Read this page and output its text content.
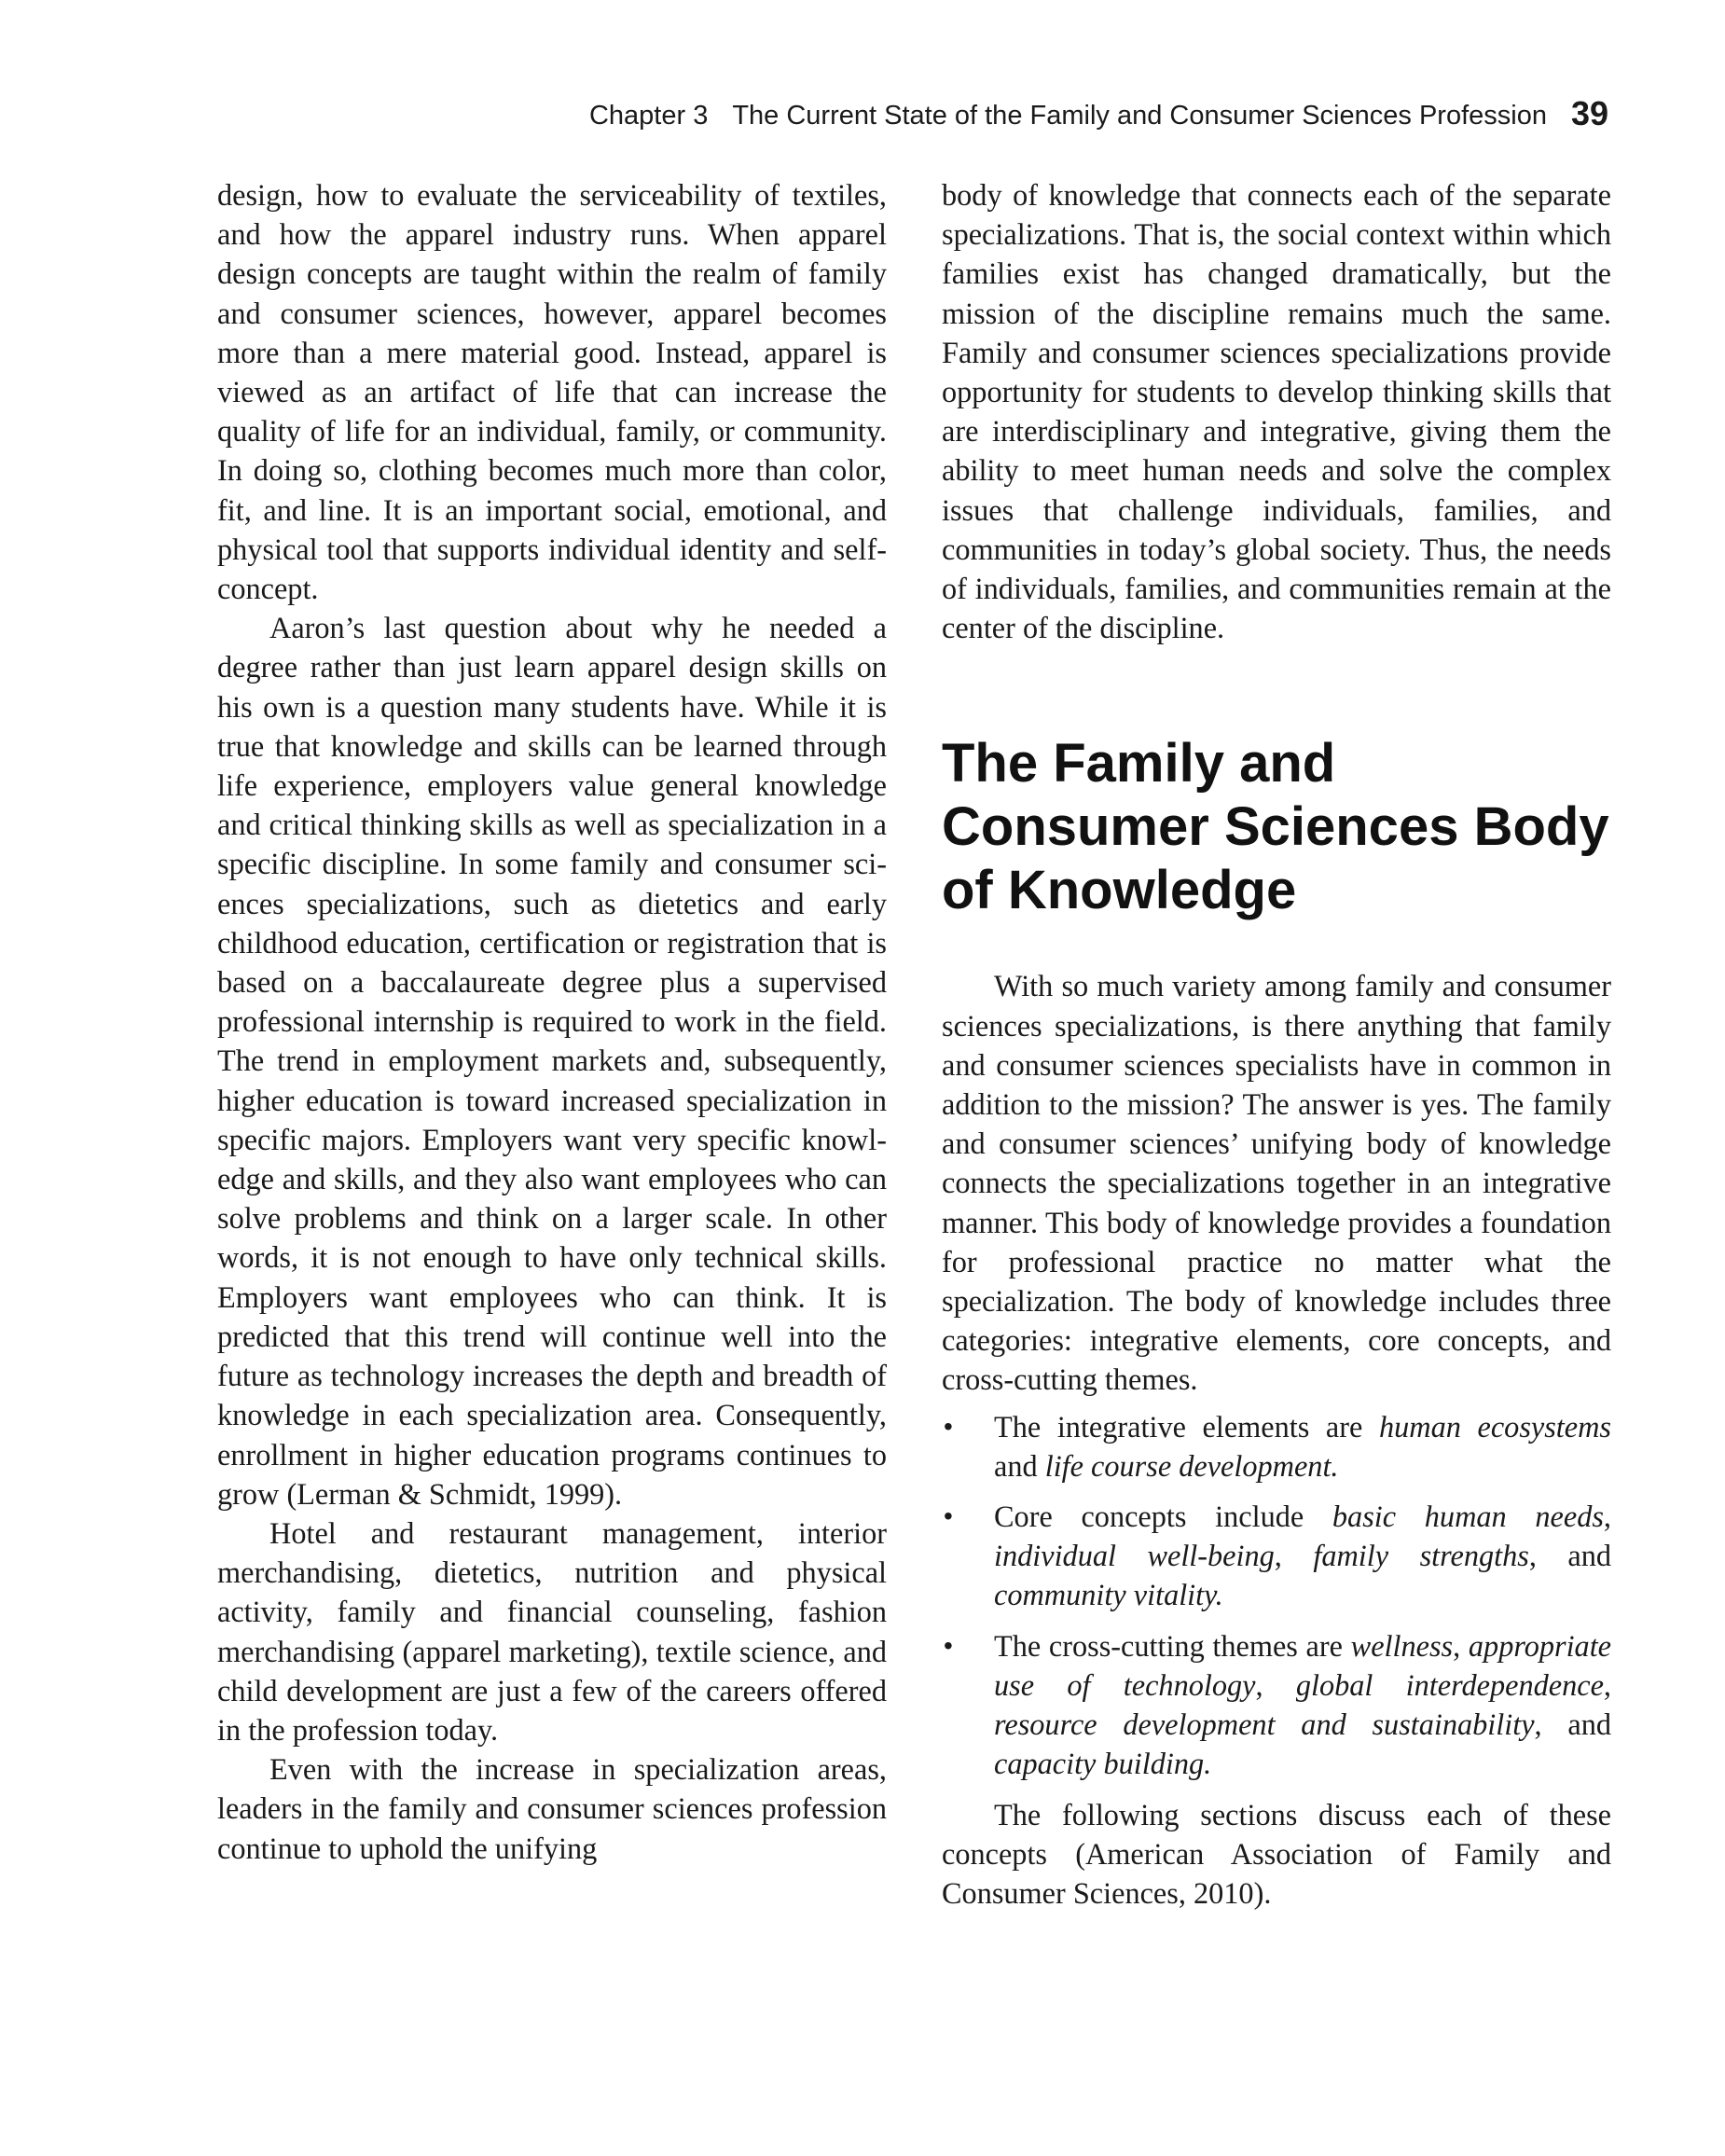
Chapter 3 The Current State of the Family and Consumer Sciences Profession 39

design, how to evaluate the serviceability of textiles, and how the apparel industry runs. When apparel design concepts are taught within the realm of family and consumer sciences, however, apparel becomes more than a mere material good. Instead, apparel is viewed as an artifact of life that can increase the quality of life for an individual, family, or community. In doing so, clothing becomes much more than color, fit, and line. It is an important social, emotional, and physical tool that supports individual identity and self-concept.

Aaron’s last question about why he needed a degree rather than just learn apparel design skills on his own is a question many students have. While it is true that knowledge and skills can be learned through life experience, employers value general knowledge and critical thinking skills as well as specialization in a specific discipline. In some family and consumer sciences specializations, such as dietetics and early childhood education, certification or registration that is based on a baccalaureate degree plus a supervised professional internship is required to work in the field. The trend in employment markets and, subsequently, higher education is toward increased specialization in specific majors. Employers want very specific knowledge and skills, and they also want employees who can solve problems and think on a larger scale. In other words, it is not enough to have only technical skills. Employers want employees who can think. It is predicted that this trend will continue well into the future as technology increases the depth and breadth of knowledge in each specialization area. Consequently, enrollment in higher education programs continues to grow (Lerman & Schmidt, 1999).

Hotel and restaurant management, interior merchandising, dietetics, nutrition and physical activity, family and financial counseling, fashion merchandising (apparel marketing), textile science, and child development are just a few of the careers offered in the profession today.

Even with the increase in specialization areas, leaders in the family and consumer sciences profession continue to uphold the unifying

body of knowledge that connects each of the separate specializations. That is, the social context within which families exist has changed dramatically, but the mission of the discipline remains much the same. Family and consumer sciences specializations provide opportunity for students to develop thinking skills that are interdisciplinary and integrative, giving them the ability to meet human needs and solve the complex issues that challenge individuals, families, and communities in today’s global society. Thus, the needs of individuals, families, and communities remain at the center of the discipline.

The Family and Consumer Sciences Body of Knowledge

With so much variety among family and consumer sciences specializations, is there anything that family and consumer sciences specialists have in common in addition to the mission? The answer is yes. The family and consumer sciences’ unifying body of knowledge connects the specializations together in an integrative manner. This body of knowledge provides a foundation for professional practice no matter what the specialization. The body of knowledge includes three categories: integrative elements, core concepts, and cross-cutting themes.

• The integrative elements are human ecosystems and life course development.
• Core concepts include basic human needs, individual well-being, family strengths, and community vitality.
• The cross-cutting themes are wellness, appropriate use of technology, global interdependence, resource development and sustainability, and capacity building.

The following sections discuss each of these concepts (American Association of Family and Consumer Sciences, 2010).
